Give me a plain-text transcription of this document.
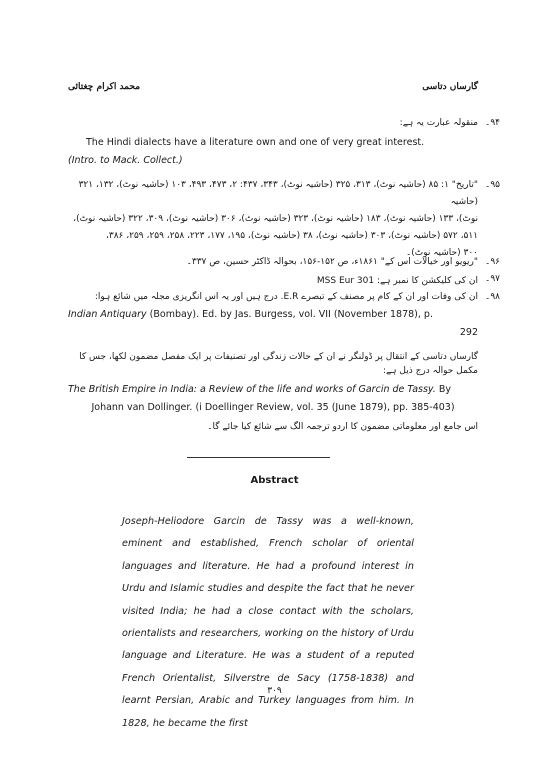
محمد اکرام چغتائی	گارساں دتاسی
۹۴۔
منقولہ عبارت یہ ہے:
The Hindi dialects have a literature own and one of very great interest.
(Intro. to Mack. Collect.)
۹۵۔
"تاریخ" ۱: ۸۵ (حاشیہ نوٹ)، ۳۱۳، ۳۲۵ (حاشیہ نوٹ)، ۳۴۳، ۴۳۷: ۲، ۴۷۳، ۴۹۳، ۱۰۳ (حاشیہ نوٹ)، ۱۳۲، ۳۲۱ (حاشیہ
نوٹ)، ۱۳۳ (حاشیہ نوٹ)، ۱۸۳ (حاشیہ نوٹ)، ۳۲۳ (حاشیہ نوٹ)، ۳۰۶ (حاشیہ نوٹ)، ۳۰۹، ۳۲۲ (حاشیہ نوٹ)،
۵۱۱، ۵۷۲ (حاشیہ نوٹ)، ۳۰۳ (حاشیہ نوٹ)، ۳۸ (حاشیہ نوٹ)، ۱۹۵، ۱۷۷، ۲۲۳، ۲۵۸، ۲۵۹، ۲۵۹، ۳۸۶،
۳۰۰ (حاشیہ نوٹ)۔
۹۶۔
"ریویو اور خیالات اس کے" ۱۸۶۱ء، ص ۱۵۲-۱۵۶، بحوالہ ڈاکٹر حسین، ص ۳۳۷۔
۹۷۔
ان کی کلیکشن کا نمبر ہے: MSS Eur 301
۹۸۔
ان کی وفات اور ان کے کام پر مصنف کے تبصرے E.R. درج ہیں اور یہ اس انگریزی مجلہ میں شائع ہوا:
Indian Antiquary (Bombay). Ed. by Jas. Burgess, vol. VII (November 1878), p.
292
گارساں دتاسی کے انتقال پر ڈولنگر نے ان کے حالات زندگی اور تصنیفات پر ایک مفصل مضمون لکھا، جس کا مکمل حوالہ درج ذیل ہے:
The British Empire in India: a Review of the life and works of Garcin de Tassy. By
Johann van Dollinger. (i Doellinger Review, vol. 35 (June 1879), pp. 385-403)
اس جامع اور معلوماتی مضمون کا اردو ترجمہ الگ سے شائع کیا جائے گا۔
Abstract
Joseph-Heliodore Garcin de Tassy was a well-known, eminent and established, French scholar of oriental languages and literature. He had a profound interest in Urdu and Islamic studies and despite the fact that he never visited India; he had a close contact with the scholars, orientalists and researchers, working on the history of Urdu language and Literature. He was a student of a reputed French Orientalist, Silverstre de Sacy (1758-1838) and learnt Persian, Arabic and Turkey languages from him. In 1828, he became the first
۳۰۹
